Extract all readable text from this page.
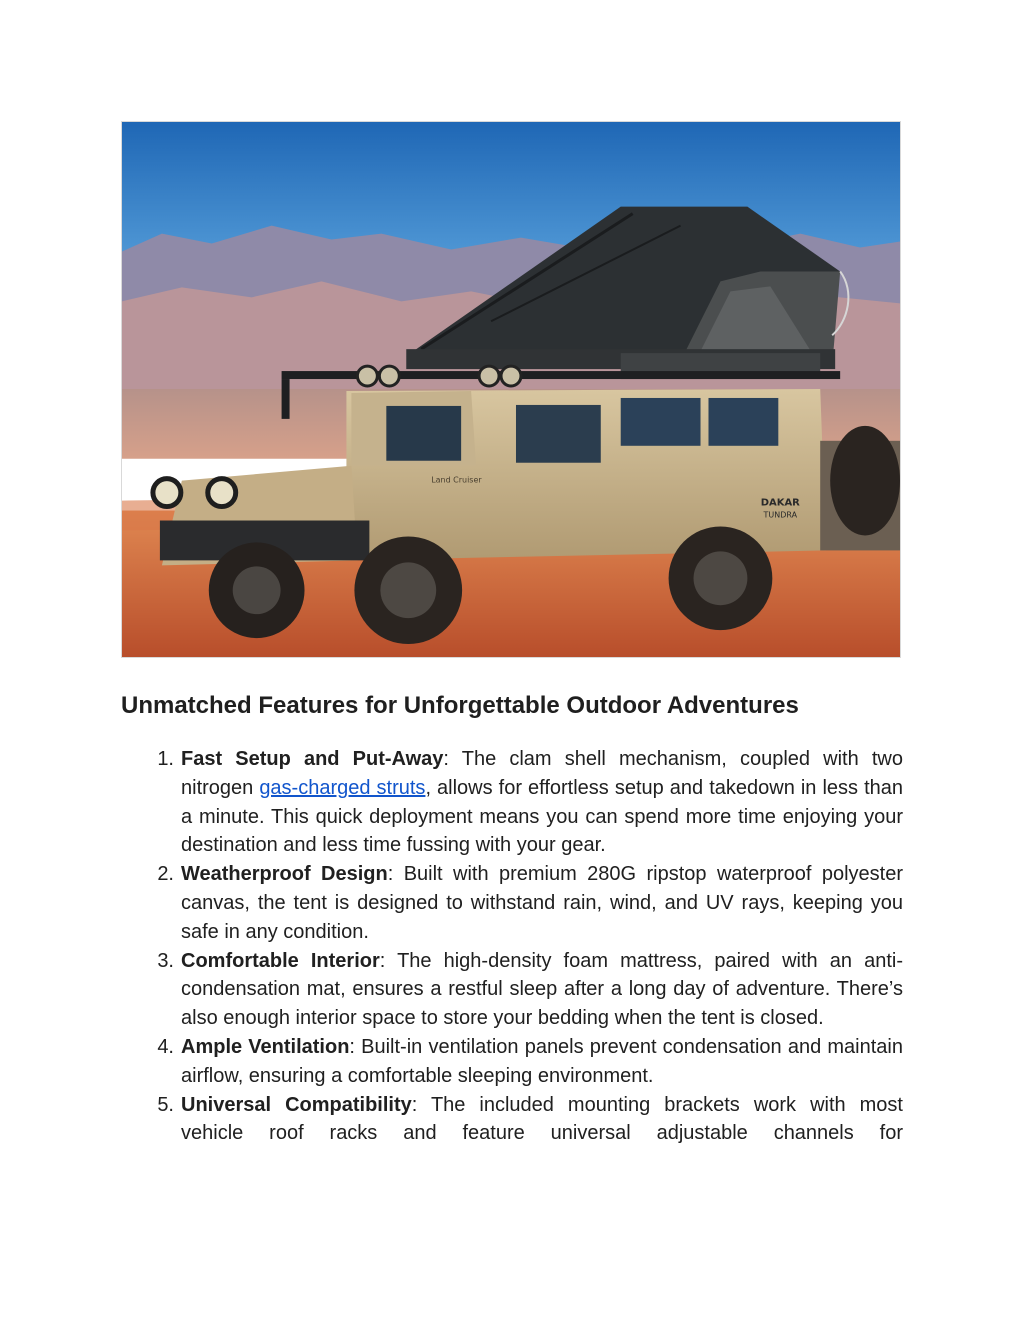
DAKAR
TUNDRA
Land Cruiser
Unmatched Features for Unforgettable Outdoor Adventures
1. Fast Setup and Put-Away: The clam shell mechanism, coupled with two nitrogen gas-charged struts, allows for effortless setup and takedown in less than a minute. This quick deployment means you can spend more time enjoying your destination and less time fussing with your gear.
2. Weatherproof Design: Built with premium 280G ripstop waterproof polyester canvas, the tent is designed to withstand rain, wind, and UV rays, keeping you safe in any condition.
3. Comfortable Interior: The high-density foam mattress, paired with an anti-condensation mat, ensures a restful sleep after a long day of adventure. There’s also enough interior space to store your bedding when the tent is closed.
4. Ample Ventilation: Built-in ventilation panels prevent condensation and maintain airflow, ensuring a comfortable sleeping environment.
5. Universal Compatibility: The included mounting brackets work with most vehicle roof racks and feature universal adjustable channels for
